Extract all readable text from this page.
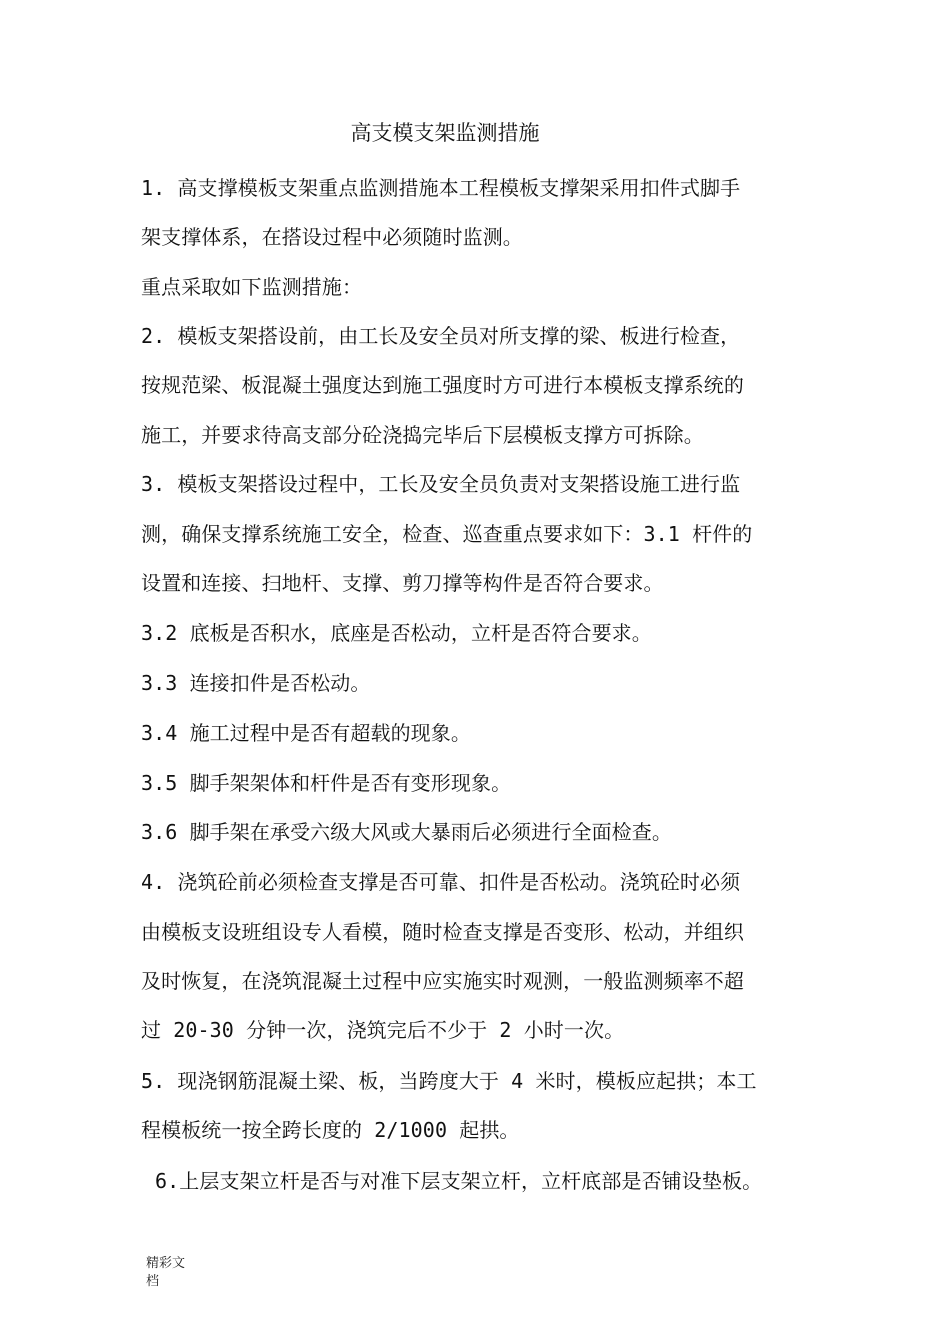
高支模支架监测措施
1. 高支撑模板支架重点监测措施本工程模板支撑架采用扣件式脚手
架支撑体系，在搭设过程中必须随时监测。
重点采取如下监测措施：
2. 模板支架搭设前，由工长及安全员对所支撑的梁、板进行检查，
按规范梁、板混凝土强度达到施工强度时方可进行本模板支撑系统的
施工，并要求待高支部分砼浇捣完毕后下层模板支撑方可拆除。
3. 模板支架搭设过程中，工长及安全员负责对支架搭设施工进行监
测，确保支撑系统施工安全，检查、巡查重点要求如下：3.1 杆件的
设置和连接、扫地杆、支撑、剪刀撑等构件是否符合要求。
3.2 底板是否积水，底座是否松动，立杆是否符合要求。
3.3 连接扣件是否松动。
3.4 施工过程中是否有超载的现象。
3.5 脚手架架体和杆件是否有变形现象。
3.6 脚手架在承受六级大风或大暴雨后必须进行全面检查。
4. 浇筑砼前必须检查支撑是否可靠、扣件是否松动。浇筑砼时必须
由模板支设班组设专人看模，随时检查支撑是否变形、松动，并组织
及时恢复，在浇筑混凝土过程中应实施实时观测，一般监测频率不超
过 20-30 分钟一次，浇筑完后不少于 2 小时一次。
5. 现浇钢筋混凝土梁、板，当跨度大于 4 米时，模板应起拱；本工
程模板统一按全跨长度的 2/1000 起拱。
6.上层支架立杆是否与对准下层支架立杆，立杆底部是否铺设垫板。
精彩文
档
